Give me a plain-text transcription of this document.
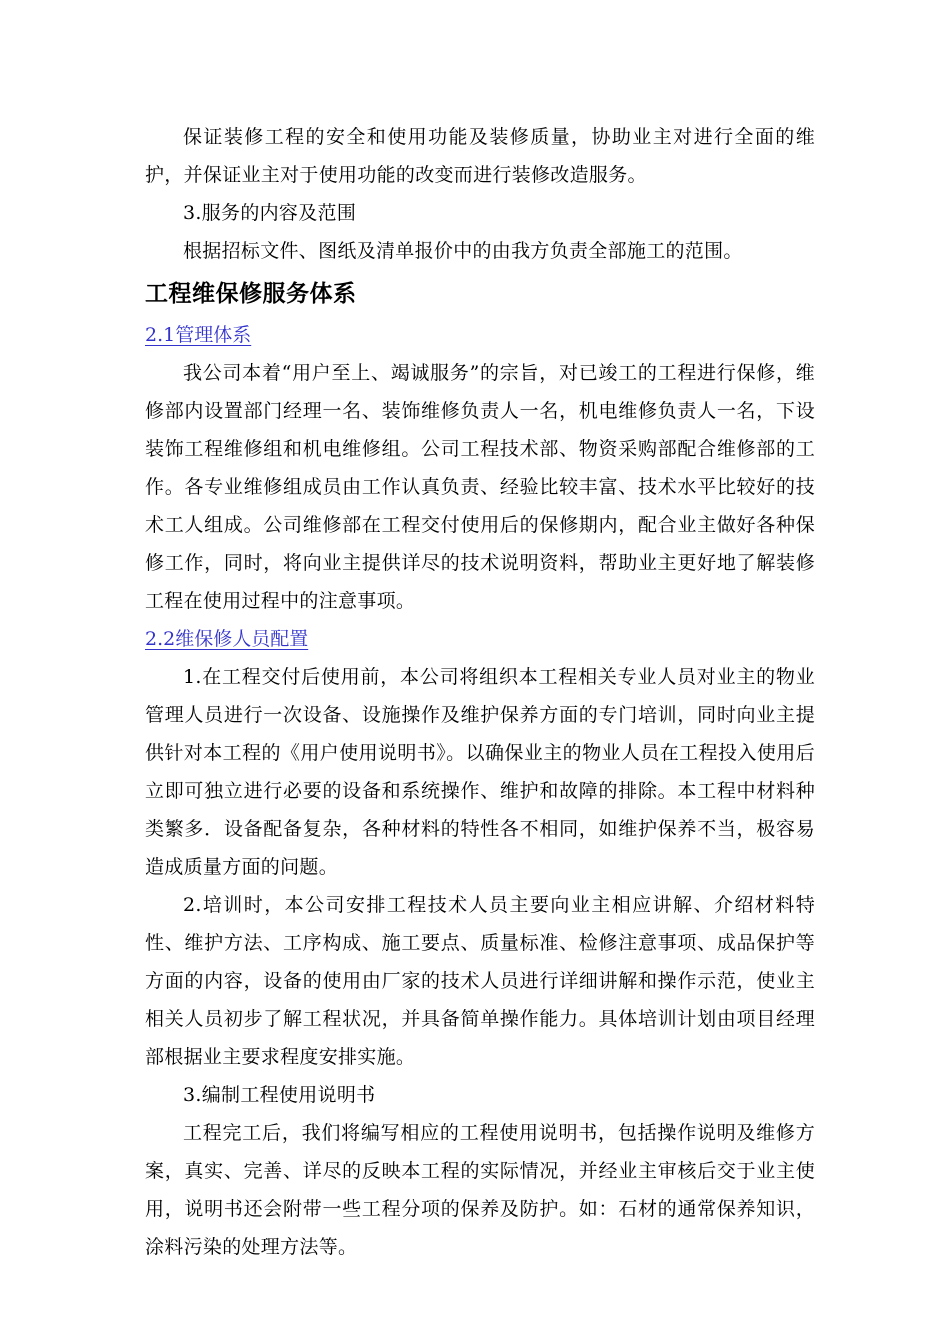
保证装修工程的安全和使用功能及装修质量，协助业主对进行全面的维护，并保证业主对于使用功能的改变而进行装修改造服务。

3.服务的内容及范围

根据招标文件、图纸及清单报价中的由我方负责全部施工的范围。

工程维保修服务体系
2.1管理体系

我公司本着“用户至上、竭诚服务”的宗旨，对已竣工的工程进行保修，维修部内设置部门经理一名、装饰维修负责人一名，机电维修负责人一名，下设装饰工程维修组和机电维修组。公司工程技术部、物资采购部配合维修部的工作。各专业维修组成员由工作认真负责、经验比较丰富、技术水平比较好的技术工人组成。公司维修部在工程交付使用后的保修期内，配合业主做好各种保修工作，同时，将向业主提供详尽的技术说明资料，帮助业主更好地了解装修工程在使用过程中的注意事项。

2.2维保修人员配置

1.在工程交付后使用前，本公司将组织本工程相关专业人员对业主的物业管理人员进行一次设备、设施操作及维护保养方面的专门培训，同时向业主提供针对本工程的《用户使用说明书》。以确保业主的物业人员在工程投入使用后立即可独立进行必要的设备和系统操作、维护和故障的排除。本工程中材料种类繁多．设备配备复杂，各种材料的特性各不相同，如维护保养不当，极容易造成质量方面的问题。

2.培训时，本公司安排工程技术人员主要向业主相应讲解、介绍材料特性、维护方法、工序构成、施工要点、质量标准、检修注意事项、成品保护等方面的内容，设备的使用由厂家的技术人员进行详细讲解和操作示范，使业主相关人员初步了解工程状况，并具备简单操作能力。具体培训计划由项目经理部根据业主要求程度安排实施。

3.编制工程使用说明书

工程完工后，我们将编写相应的工程使用说明书，包括操作说明及维修方案，真实、完善、详尽的反映本工程的实际情况，并经业主审核后交于业主使用，说明书还会附带一些工程分项的保养及防护。如：石材的通常保养知识，涂料污染的处理方法等。
